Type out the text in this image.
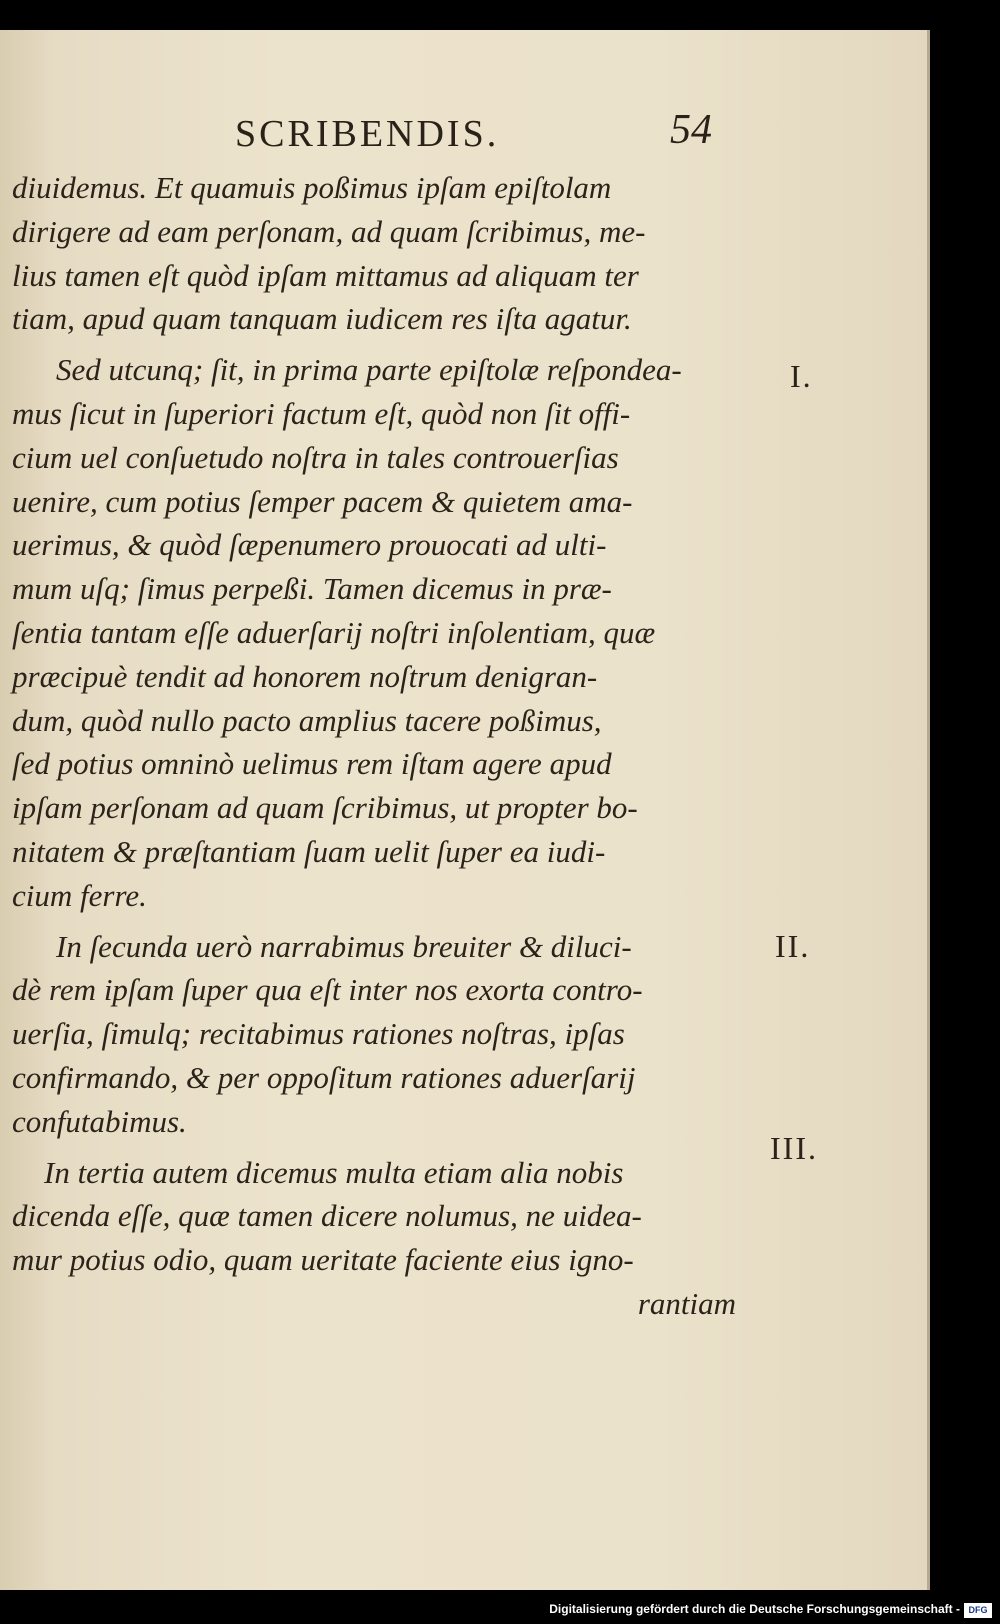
SCRIBENDIS.	54
diuidemus. Et quamuis poßimus ipſam epiſtolam
dirigere ad eam perſonam, ad quam ſcribimus, me-
lius tamen eſt quòd ipſam mittamus ad aliquam ter
tiam, apud quam tanquam iudicem res iſta agatur.
Sed utcunq; ſit, in prima parte epiſtolæ reſpondea-
mus ſicut in ſuperiori factum eſt, quòd non ſit offi-
cium uel conſuetudo noſtra in tales controuerſias
uenire, cum potius ſemper pacem & quietem ama-
uerimus, & quòd ſæpenumero prouocati ad ulti-
mum uſq; ſimus perpeßi. Tamen dicemus in præ-
ſentia tantam eſſe aduerſarij noſtri inſolentiam, quæ
præcipuè tendit ad honorem noſtrum denigran-
dum, quòd nullo pacto amplius tacere poßimus,
ſed potius omninò uelimus rem iſtam agere apud
ipſam perſonam ad quam ſcribimus, ut propter bo-
nitatem & præſtantiam ſuam uelit ſuper ea iudi-
cium ferre.
In ſecunda uerò narrabimus breuiter & diluci-
dè rem ipſam ſuper qua eſt inter nos exorta contro-
uerſia, ſimulq; recitabimus rationes noſtras, ipſas
confirmando, & per oppoſitum rationes aduerſarij
confutabimus.
In tertia autem dicemus multa etiam alia nobis
dicenda eſſe, quæ tamen dicere nolumus, ne uidea-
mur potius odio, quam ueritate faciente eius igno-
rantiam
I.
II.
III.
Digitalisierung gefördert durch die Deutsche Forschungsgemeinschaft - DFG
